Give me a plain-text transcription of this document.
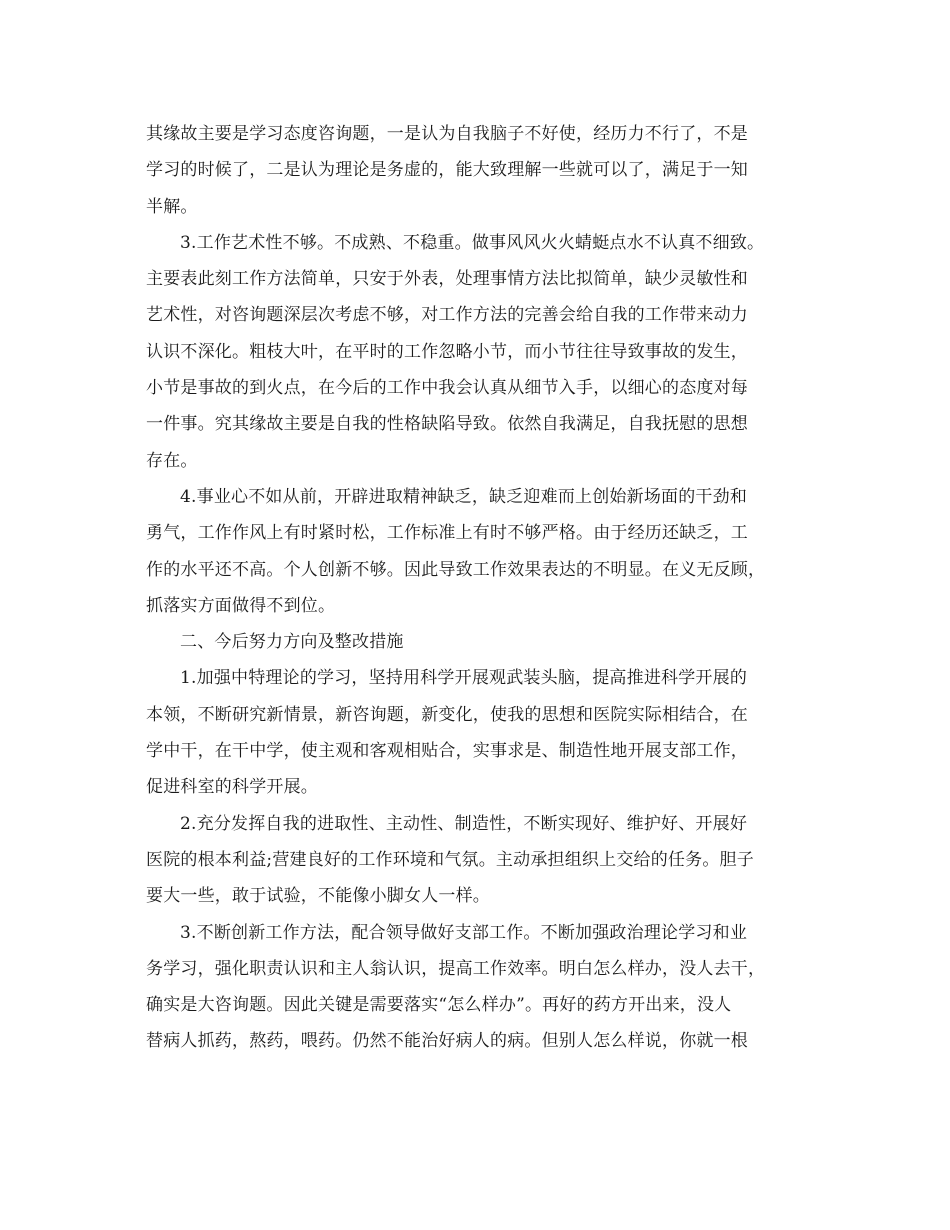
其缘故主要是学习态度咨询题，一是认为自我脑子不好使，经历力不行了，不是
学习的时候了，二是认为理论是务虚的，能大致理解一些就可以了，满足于一知
半解。
3.工作艺术性不够。不成熟、不稳重。做事风风火火蜻蜓点水不认真不细致。
主要表此刻工作方法简单，只安于外表，处理事情方法比拟简单，缺少灵敏性和
艺术性，对咨询题深层次考虑不够，对工作方法的完善会给自我的工作带来动力
认识不深化。粗枝大叶，在平时的工作忽略小节，而小节往往导致事故的发生，
小节是事故的到火点，在今后的工作中我会认真从细节入手，以细心的态度对每
一件事。究其缘故主要是自我的性格缺陷导致。依然自我满足，自我抚慰的思想
存在。
4.事业心不如从前，开辟进取精神缺乏，缺乏迎难而上创始新场面的干劲和
勇气，工作作风上有时紧时松，工作标准上有时不够严格。由于经历还缺乏，工
作的水平还不高。个人创新不够。因此导致工作效果表达的不明显。在义无反顾，
抓落实方面做得不到位。
二、今后努力方向及整改措施
1.加强中特理论的学习，坚持用科学开展观武装头脑，提高推进科学开展的
本领，不断研究新情景，新咨询题，新变化，使我的思想和医院实际相结合，在
学中干，在干中学，使主观和客观相贴合，实事求是、制造性地开展支部工作，
促进科室的科学开展。
2.充分发挥自我的进取性、主动性、制造性，不断实现好、维护好、开展好
医院的根本利益;营建良好的工作环境和气氛。主动承担组织上交给的任务。胆子
要大一些，敢于试验，不能像小脚女人一样。
3.不断创新工作方法，配合领导做好支部工作。不断加强政治理论学习和业
务学习，强化职责认识和主人翁认识，提高工作效率。明白怎么样办，没人去干，
确实是大咨询题。因此关键是需要落实“怎么样办”。再好的药方开出来，没人
替病人抓药，熬药，喂药。仍然不能治好病人的病。但别人怎么样说，你就一根
